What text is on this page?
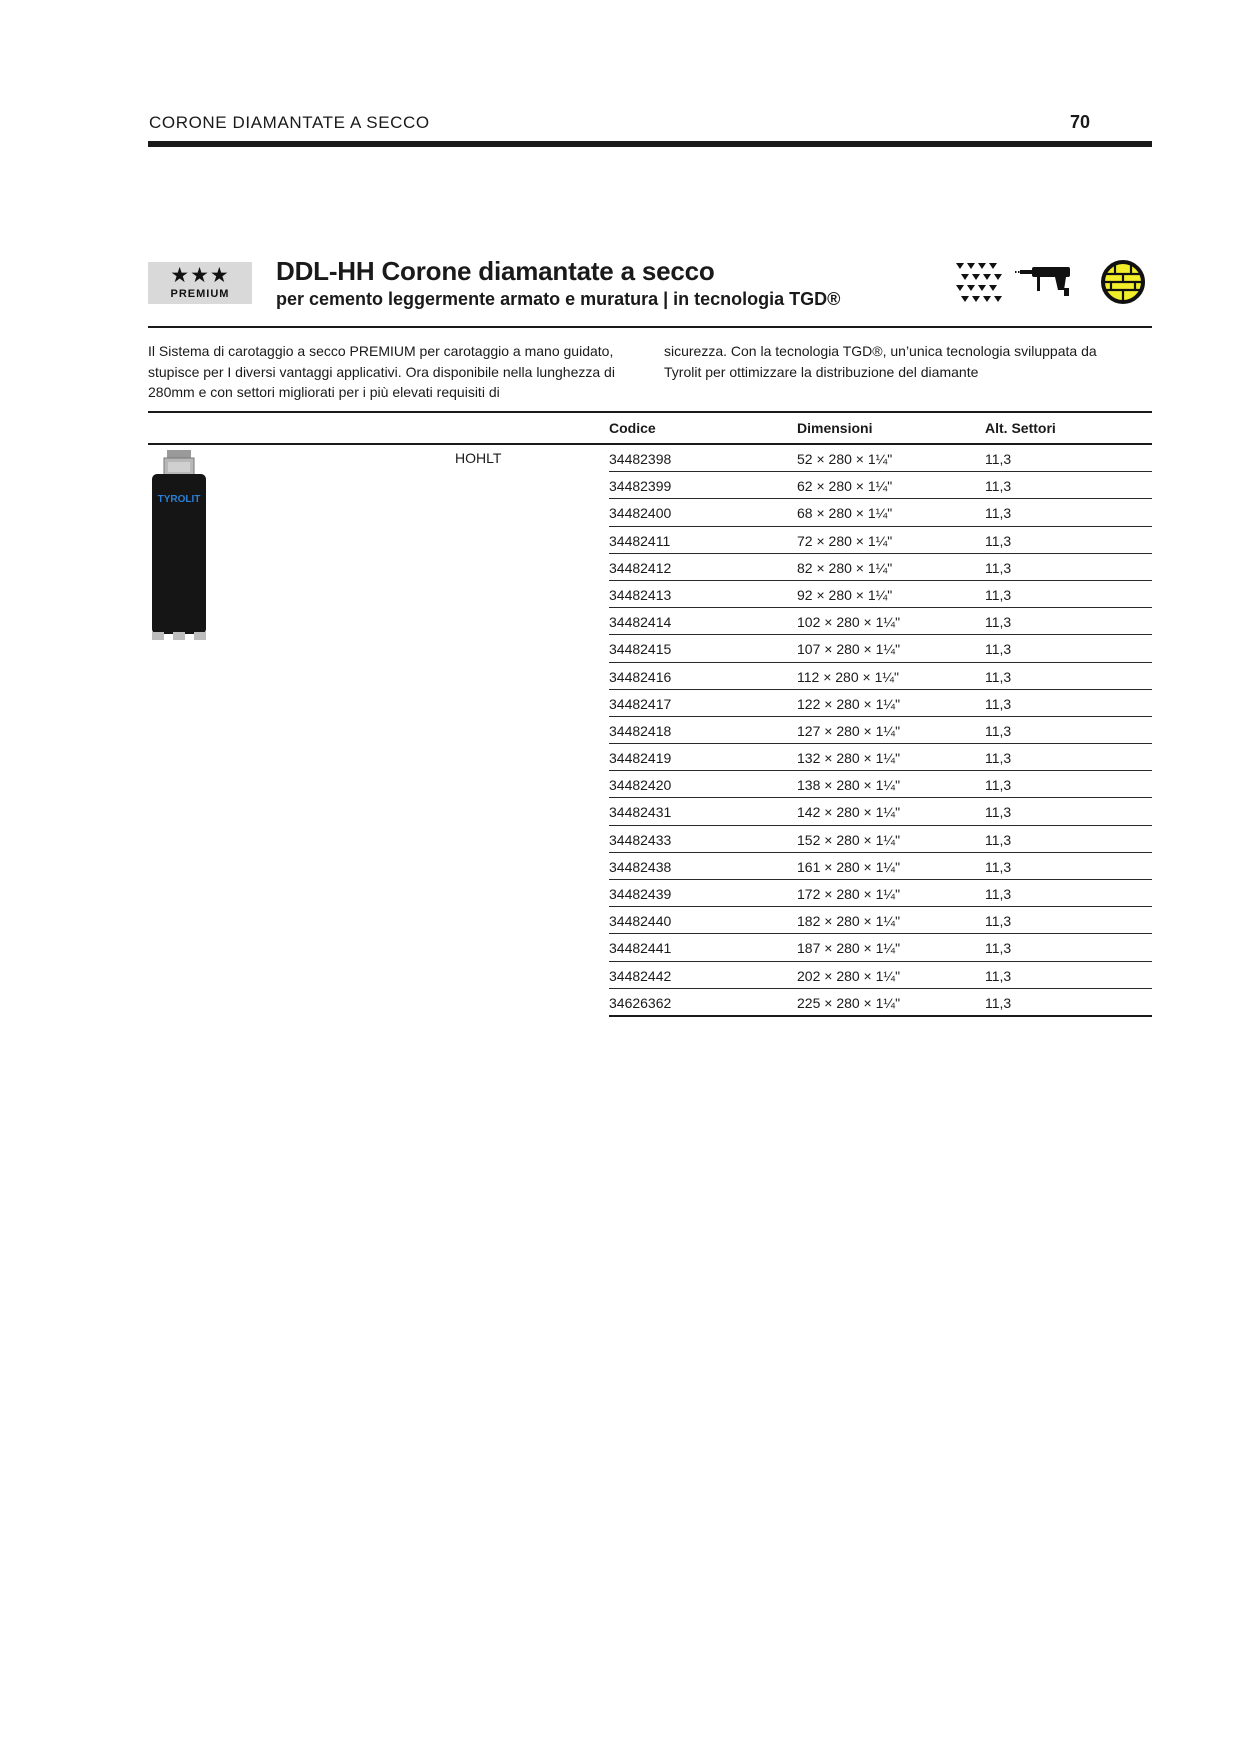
CORONE DIAMANTATE A SECCO	70
★★★
PREMIUM
DDL-HH Corone diamantate a secco
per cemento leggermente armato e muratura | in tecnologia TGD®
Il Sistema di carotaggio a secco PREMIUM per carotaggio a mano guidato, stupisce per I diversi vantaggi applicativi. Ora disponibile nella lunghezza di 280mm e con settori migliorati per i più elevati requisiti di
sicurezza. Con la tecnologia TGD®, un’unica tecnologia sviluppata da Tyrolit per ottimizzare la distribuzione del diamante
Codice	Dimensioni	Alt. Settori
TYROLIT
HOHLT	34482398	52 × 280 × 1¼"	11,3
34482399	62 × 280 × 1¼"	11,3
34482400	68 × 280 × 1¼"	11,3
34482411	72 × 280 × 1¼"	11,3
34482412	82 × 280 × 1¼"	11,3
34482413	92 × 280 × 1¼"	11,3
34482414	102 × 280 × 1¼"	11,3
34482415	107 × 280 × 1¼"	11,3
34482416	112 × 280 × 1¼"	11,3
34482417	122 × 280 × 1¼"	11,3
34482418	127 × 280 × 1¼"	11,3
34482419	132 × 280 × 1¼"	11,3
34482420	138 × 280 × 1¼"	11,3
34482431	142 × 280 × 1¼"	11,3
34482433	152 × 280 × 1¼"	11,3
34482438	161 × 280 × 1¼"	11,3
34482439	172 × 280 × 1¼"	11,3
34482440	182 × 280 × 1¼"	11,3
34482441	187 × 280 × 1¼"	11,3
34482442	202 × 280 × 1¼"	11,3
34626362	225 × 280 × 1¼"	11,3
